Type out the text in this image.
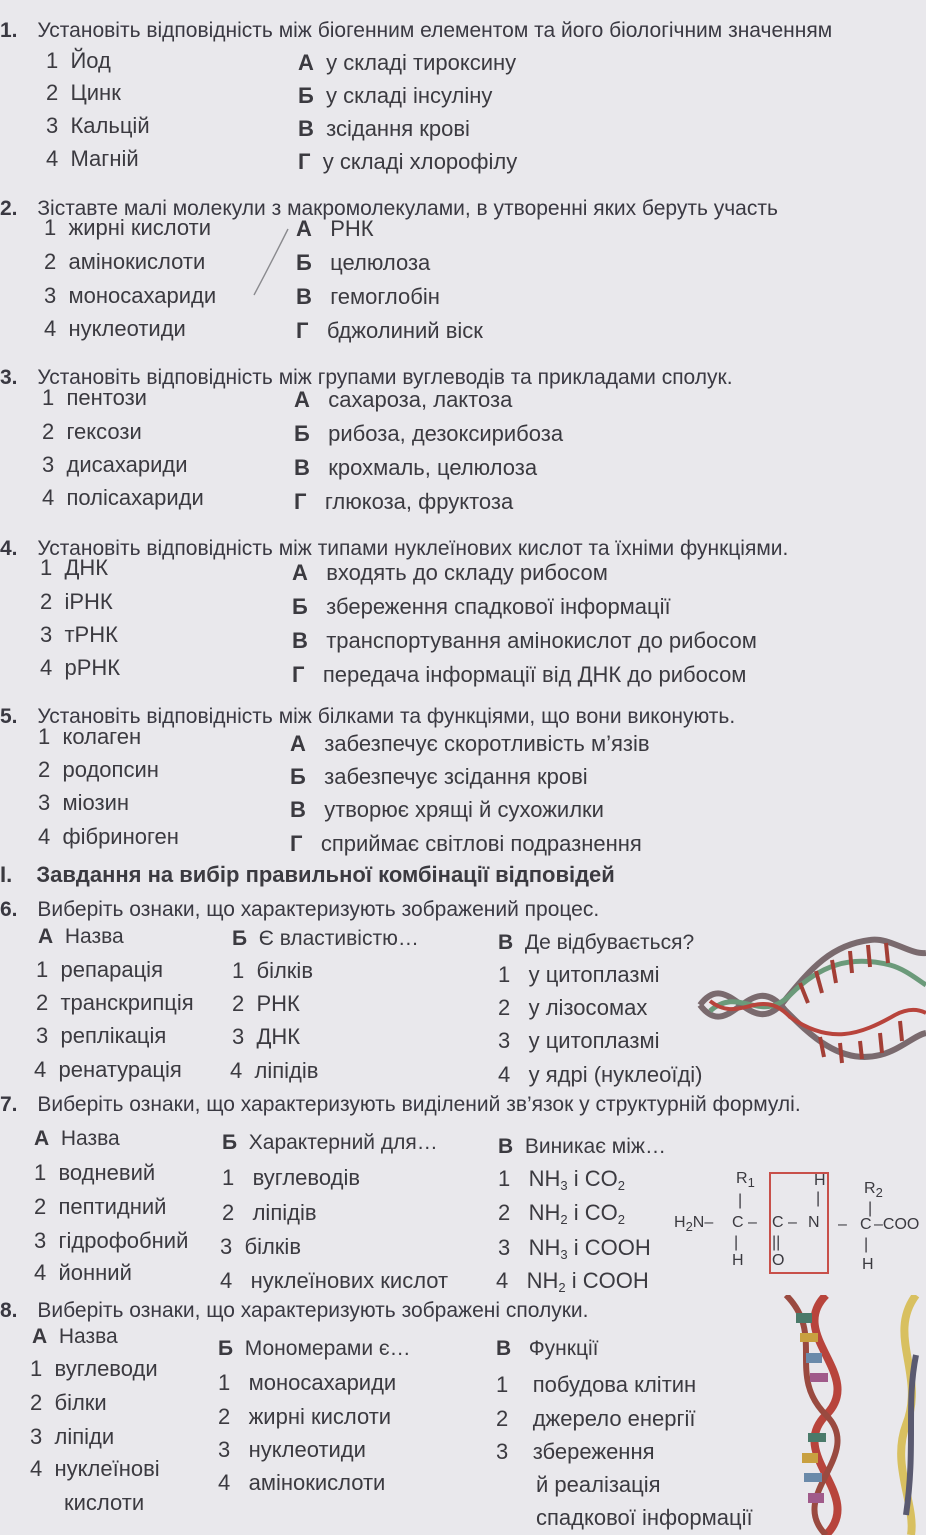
1. Установіть відповідність між біогенним елементом та його біологічним значенням
1 Йод
2 Цинк
3 Кальцій
4 Магній
А у складі тироксину
Б у складі інсуліну
В зсідання крові
Г у складі хлорофілу
2. Зіставте малі молекули з макромолекулами, в утворенні яких беруть участь
1 жирні кислоти
2 амінокислоти
3 моносахариди
4 нуклеотиди
А РНК
Б целюлоза
В гемоглобін
Г бджолиний віск
3. Установіть відповідність між групами вуглеводів та прикладами сполук.
1 пентози
2 гексози
3 дисахариди
4 полісахариди
А сахароза, лактоза
Б рибоза, дезоксирибоза
В крохмаль, целюлоза
Г глюкоза, фруктоза
4. Установіть відповідність між типами нуклеїнових кислот та їхніми функціями.
1 ДНК
2 іРНК
3 тРНК
4 рРНК
А входять до складу рибосом
Б збереження спадкової інформації
В транспортування амінокислот до рибосом
Г передача інформації від ДНК до рибосом
5. Установіть відповідність між білками та функціями, що вони виконують.
1 колаген
2 родопсин
3 міозин
4 фібриноген
А забезпечує скоротливість м’язів
Б забезпечує зсідання крові
В утворює хрящі й сухожилки
Г сприймає світлові подразнення
I. Завдання на вибір правильної комбінації відповідей
6. Виберіть ознаки, що характеризують зображений процес.
А Назва
1 репарація
2 транскрипція
3 реплікація
4 ренатурація
Б Є властивістю…
1 білків
2 РНК
3 ДНК
4 ліпідів
В Де відбувається?
1 у цитоплазмі
2 у лізосомах
3 у цитоплазмі
4 у ядрі (нуклеоїді)
7. Виберіть ознаки, що характеризують виділений зв’язок у структурній формулі.
А Назва
1 водневий
2 пептидний
3 гідрофобний
4 йонний
Б Характерний для…
1 вуглеводів
2 ліпідів
3 білків
4 нуклеїнових кислот
В Виникає між…
1 $NH_3$ і $CO_2$
2 $NH_2$ і $CO_2$
3 $NH_3$ і COOH
4 $NH_2$ і COOH
$R_1$	H $R_2$
|	|
|
$H_2N-$ C – C – N – C –COO
| ||	|
H O	H
8. Виберіть ознаки, що характеризують зображені сполуки.
А Назва
1 вуглеводи
2 білки
3 ліпіди
4 нуклеїнові
кислоти
Б Мономерами є…
1 моносахариди
2 жирні кислоти
3 нуклеотиди
4 амінокислоти
В Функції
1 побудова клітин
2 джерело енергії
3 збереження
й реалізація
спадкової інформації
